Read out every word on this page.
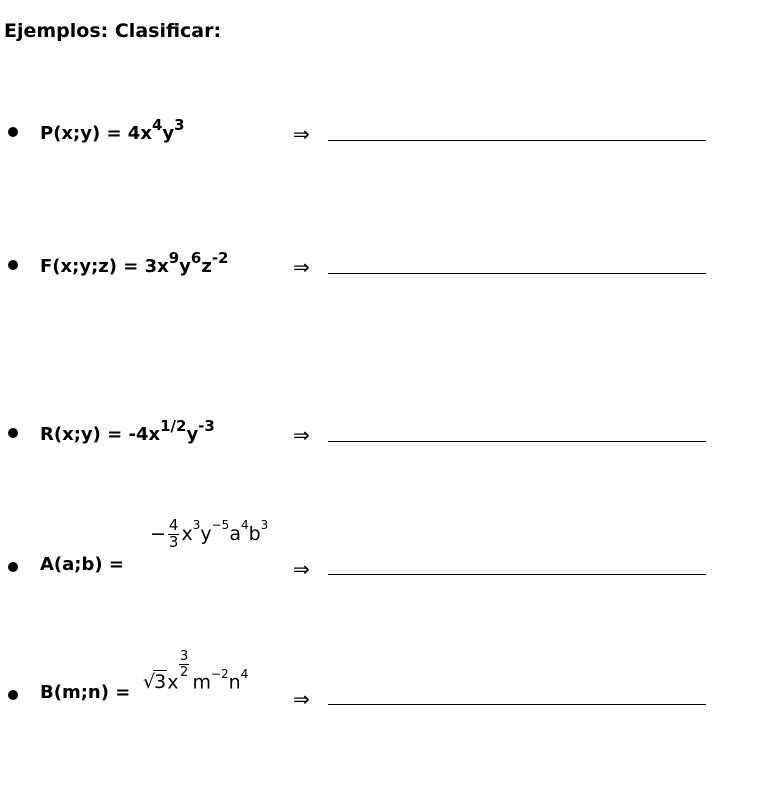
Ejemplos: Clasificar:
P(x;y) = $4x^4y^3$	⇒
F(x;y;z) = $3x^9y^6z^{-2}$	⇒
R(x;y) = $-4x^{1/2}y^{-3}$	⇒
A(a;b) =
− $\frac{4}{3} x^3y^{-5}a^4b^3$
⇒
B(m;n) = √3x $m^{-2}n^4$
3
2
⇒
